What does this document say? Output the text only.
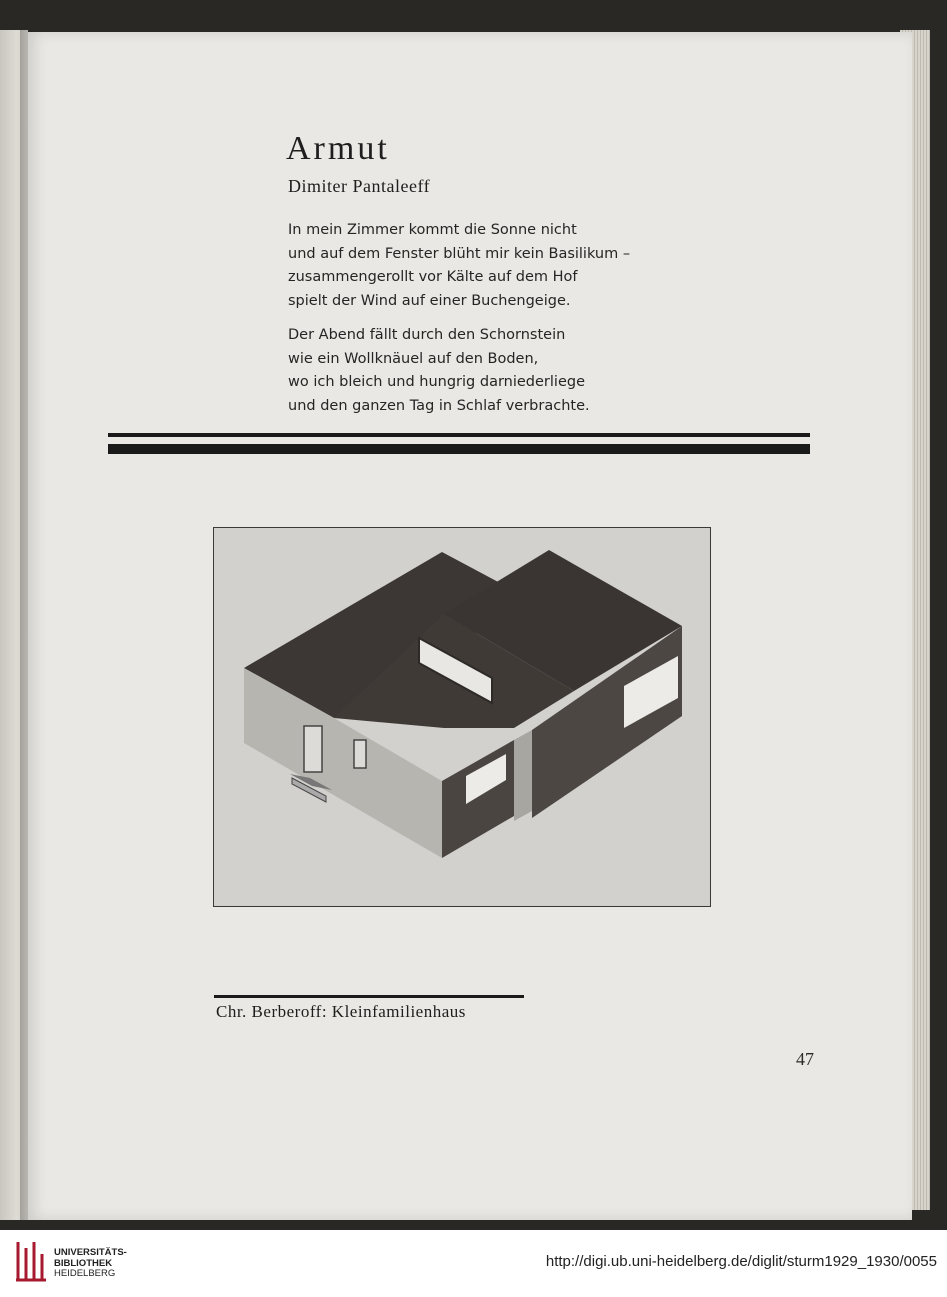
Armut
Dimiter Pantaleeff
In mein Zimmer kommt die Sonne nicht
und auf dem Fenster blüht mir kein Basilikum –
zusammengerollt vor Kälte auf dem Hof
spielt der Wind auf einer Buchengeige.
Der Abend fällt durch den Schornstein
wie ein Wollknäuel auf den Boden,
wo ich bleich und hungrig darniederliege
und den ganzen Tag in Schlaf verbrachte.
Chr. Berberoff: Kleinfamilienhaus
47
UNIVERSITÄTS-
BIBLIOTHEK
HEIDELBERG
http://digi.ub.uni-heidelberg.de/diglit/sturm1929_1930/0055
